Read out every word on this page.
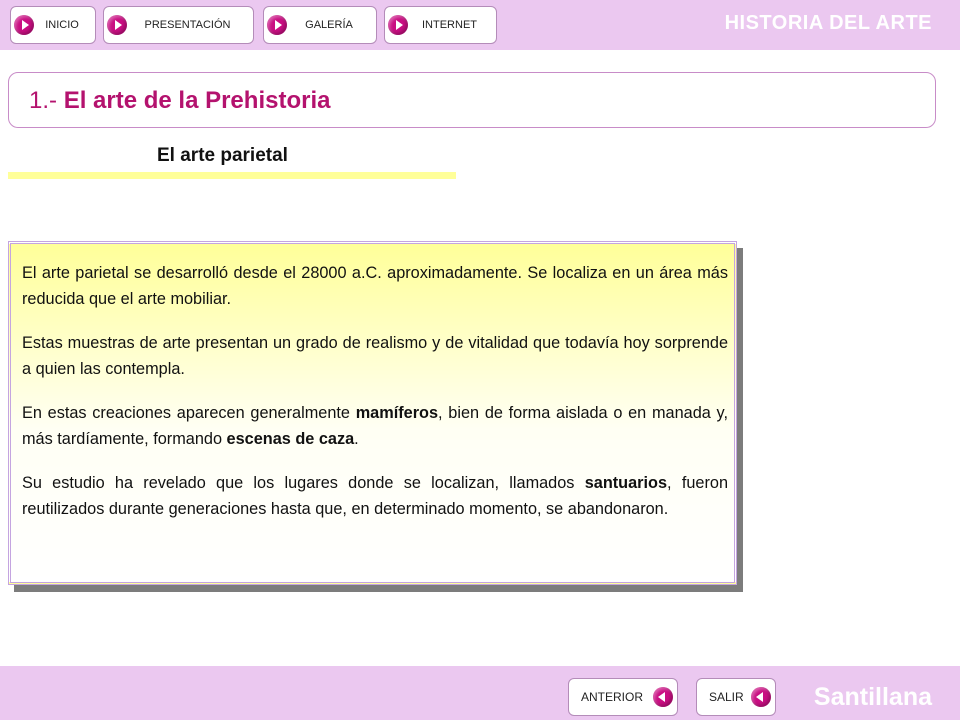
INICIO	PRESENTACIÓN	GALERÍA	INTERNET	HISTORIA DEL ARTE
1.- El arte de la Prehistoria
El arte parietal

El arte parietal se desarrolló desde el 28000 a.C. aproximadamente. Se localiza en un área más reducida que el arte mobiliar.

Estas muestras de arte presentan un grado de realismo y de vitalidad que todavía hoy sorprende a quien las contempla.

En estas creaciones aparecen generalmente mamíferos, bien de forma aislada o en manada y, más tardíamente, formando escenas de caza.

Su estudio ha revelado que los lugares donde se localizan, llamados santuarios, fueron reutilizados durante generaciones hasta que, en determinado momento, se abandonaron.

ANTERIOR	SALIR	Santillana
